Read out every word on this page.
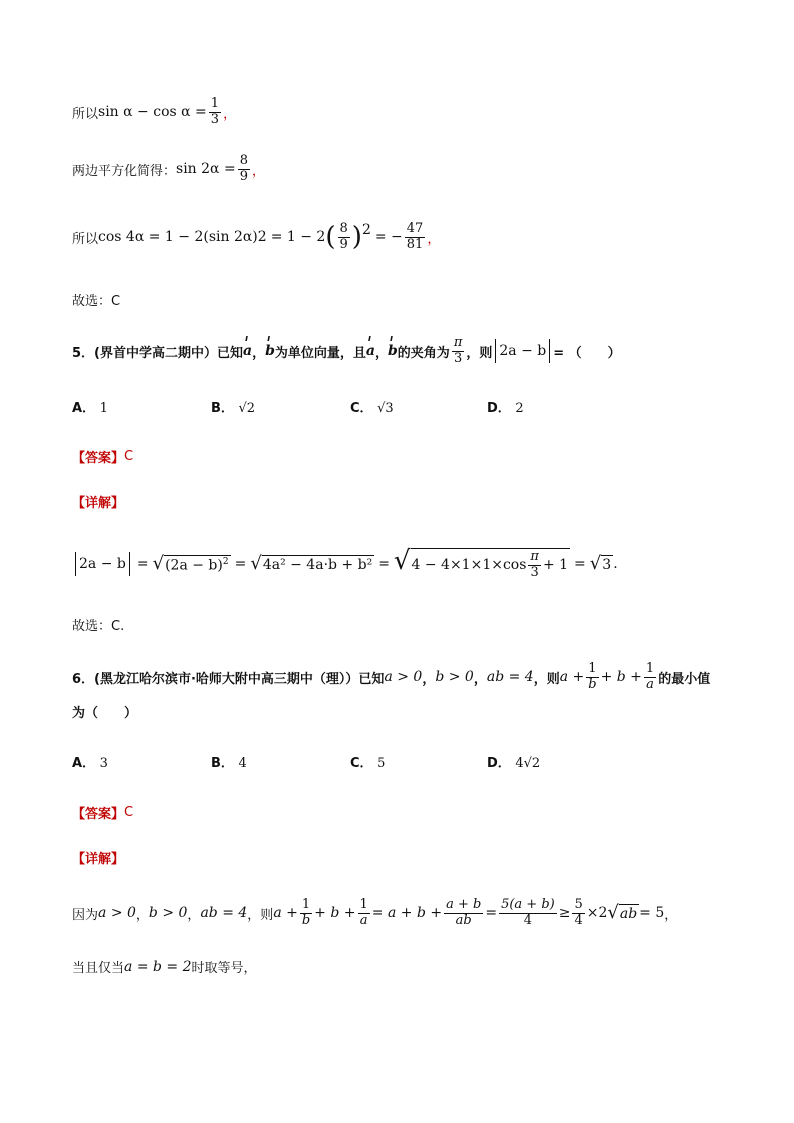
所以 $\sin \alpha - \cos \alpha = \frac{1}{3}$ ，
两边平方化简得： $\sin 2\alpha = \frac{8}{9}$ ，
所以 cos 4α = 1 − 2 (sin 2α) 2 = 1 − 2 ( $\frac{8}{9}$ ) 2 = − $\frac{47}{81}$ ，
故选：C
5．(界首中学高二期中）已知
ı
a ，
ı
b 为单位向量，且
ı
a ，
ı
b 的夹角为 $\frac{\pi}{3}$ ，则 2a − b = （　　）
A． 1	B． √2	C． √3	D． 2
【答案】 C
【详解】
2a − b = √ $(2a - b)^2$ = √ 4a² − 4a·b + b² = √ $4 - 4\times 1\times 1\times\cos \frac{\pi}{3} + 1$ = √ 3 .
故选：C.
6．(黑龙江哈尔滨市·哈师大附中高三期中（理））已知 a > 0 ， b > 0 ， ab = 4 ，则 $a + \frac{1}{b} + b + \frac{1}{a}$ 的最小值
为（　　）
A． 3	B． 4	C． 5	D． 4√2
【答案】 C
【详解】
因为 a > 0 ， b > 0 ， ab = 4 ，则 $a + \frac{1}{b} + b + \frac{1}{a} = a + b + \frac{a + b}{ab} = \frac{5(a + b)}{4} \ge \frac{5}{4} \times 2$ √ ab = 5 ，
当且仅当 a = b = 2 时取等号，
